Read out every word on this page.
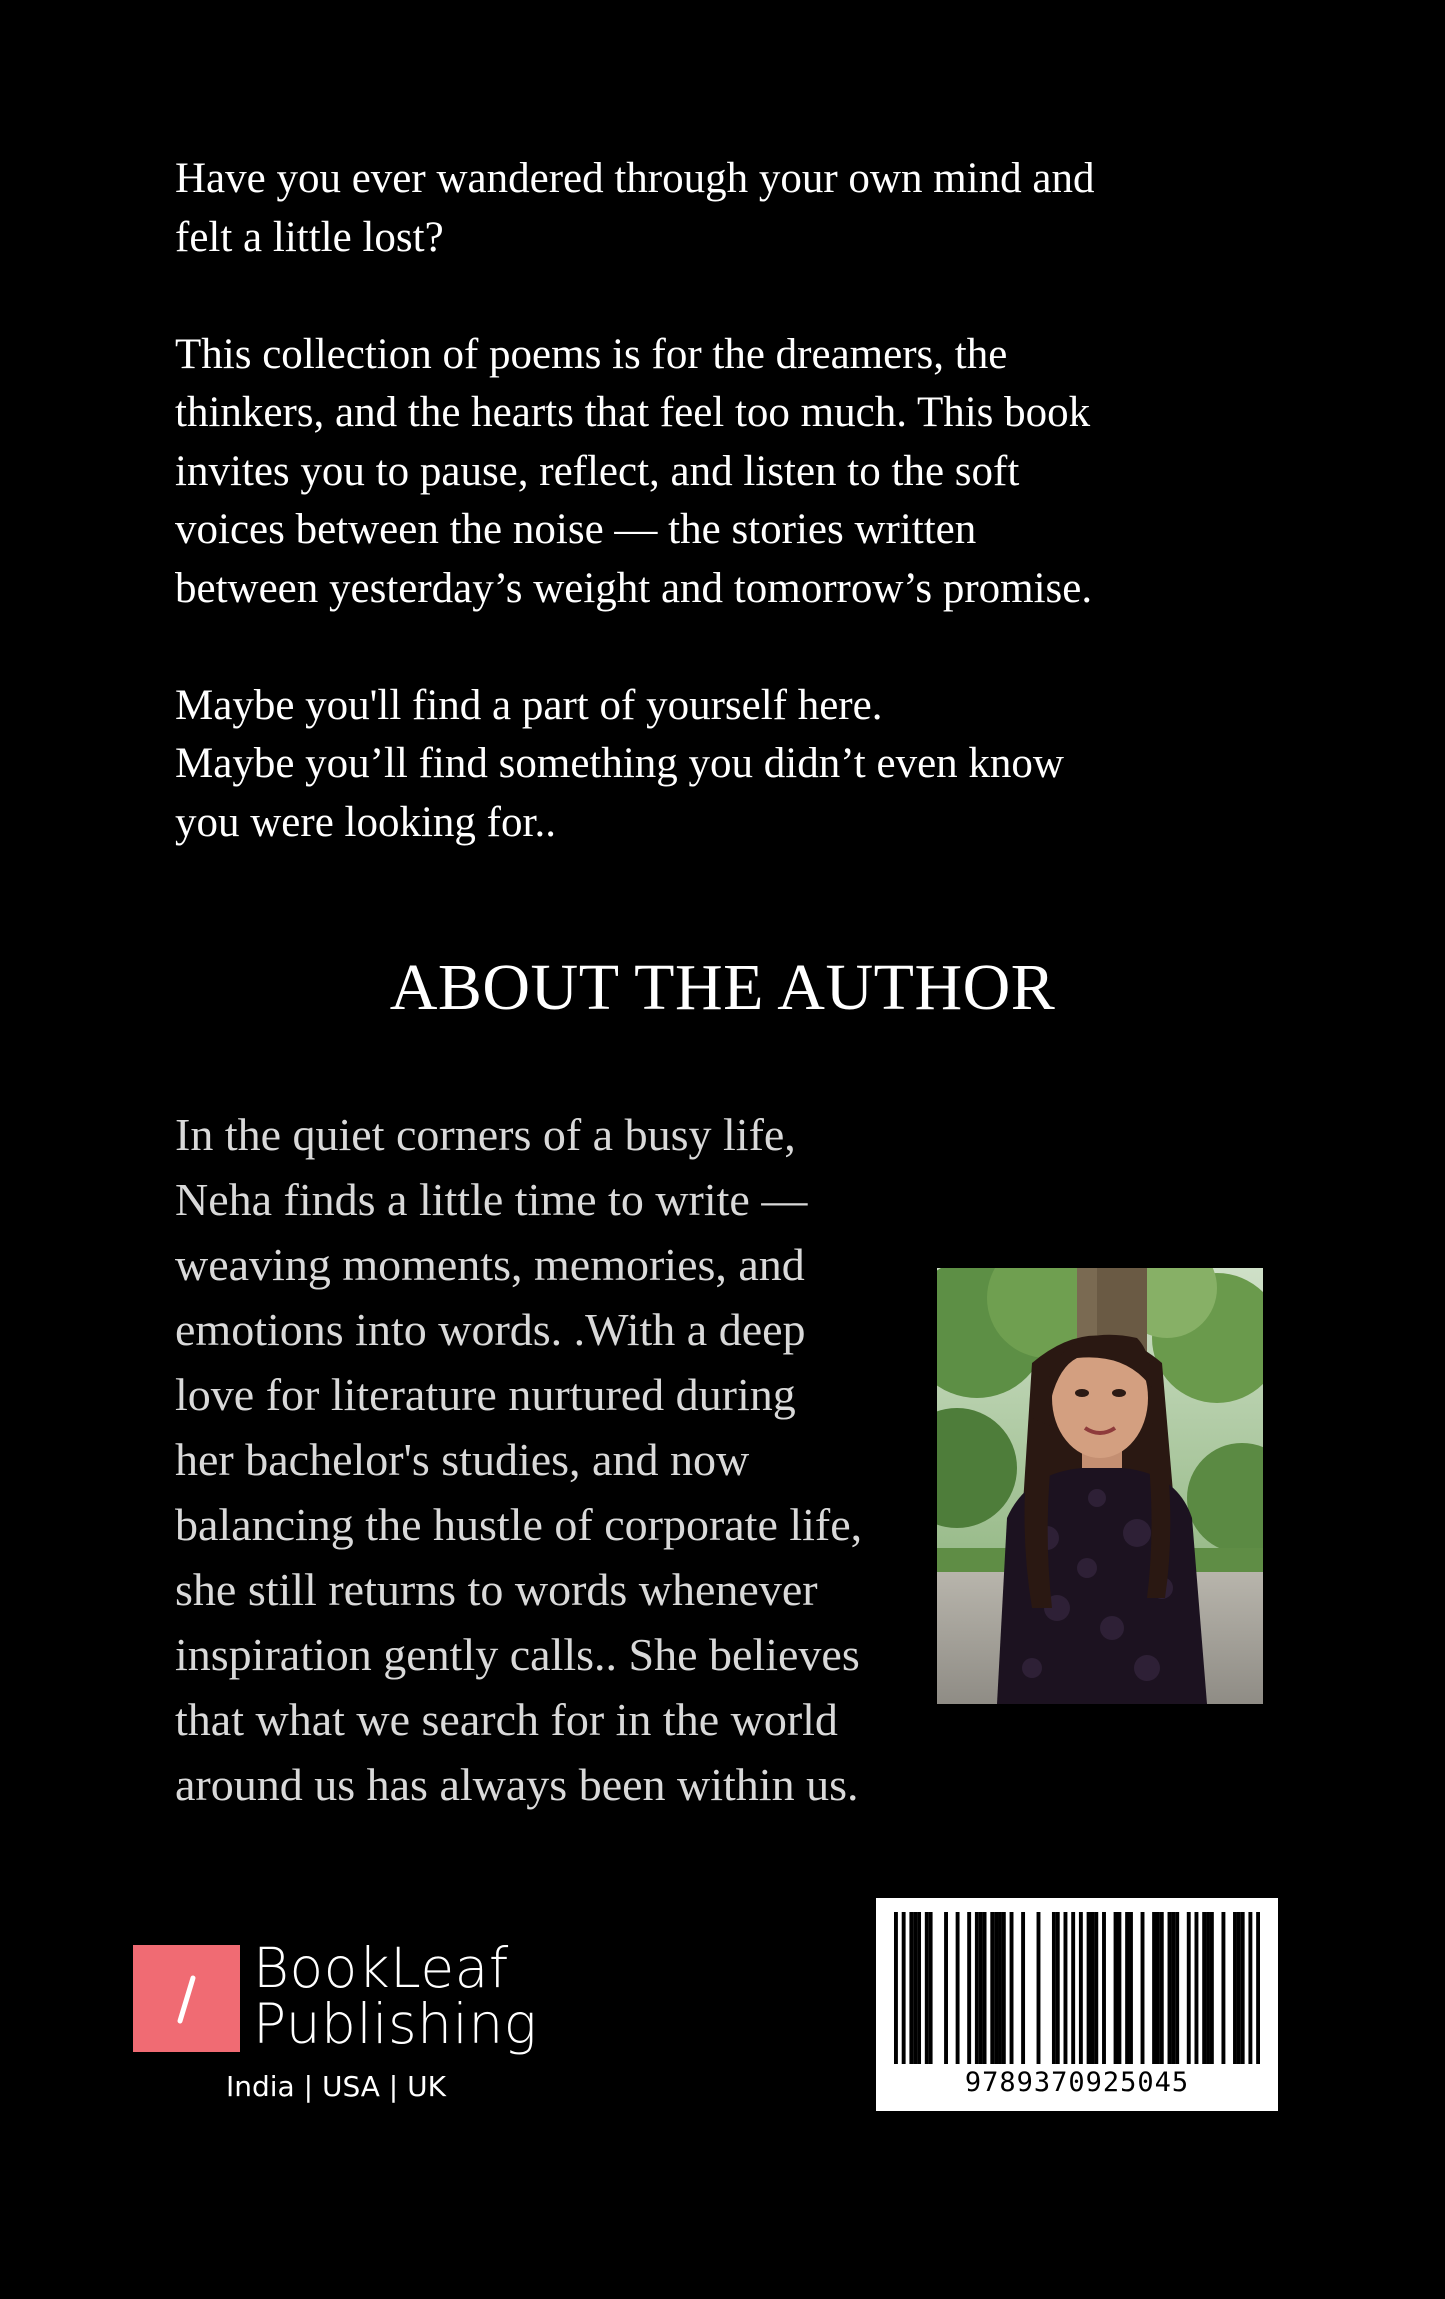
Have you ever wandered through your own mind and
felt a little lost?

This collection of poems is for the dreamers, the
thinkers, and the hearts that feel too much. This book
invites you to pause, reflect, and listen to the soft
voices between the noise — the stories written
between yesterday’s weight and tomorrow’s promise.

Maybe you'll find a part of yourself here.
Maybe you’ll find something you didn’t even know
you were looking for..

ABOUT THE AUTHOR
In the quiet corners of a busy life,
Neha finds a little time to write —
weaving moments, memories, and
emotions into words. .With a deep
love for literature nurtured during
her bachelor's studies, and now
balancing the hustle of corporate life,
she still returns to words whenever
inspiration gently calls.. She believes
that what we search for in the world
around us has always been within us.
BookLeaf
Publishing
India | USA | UK	9789370925045
